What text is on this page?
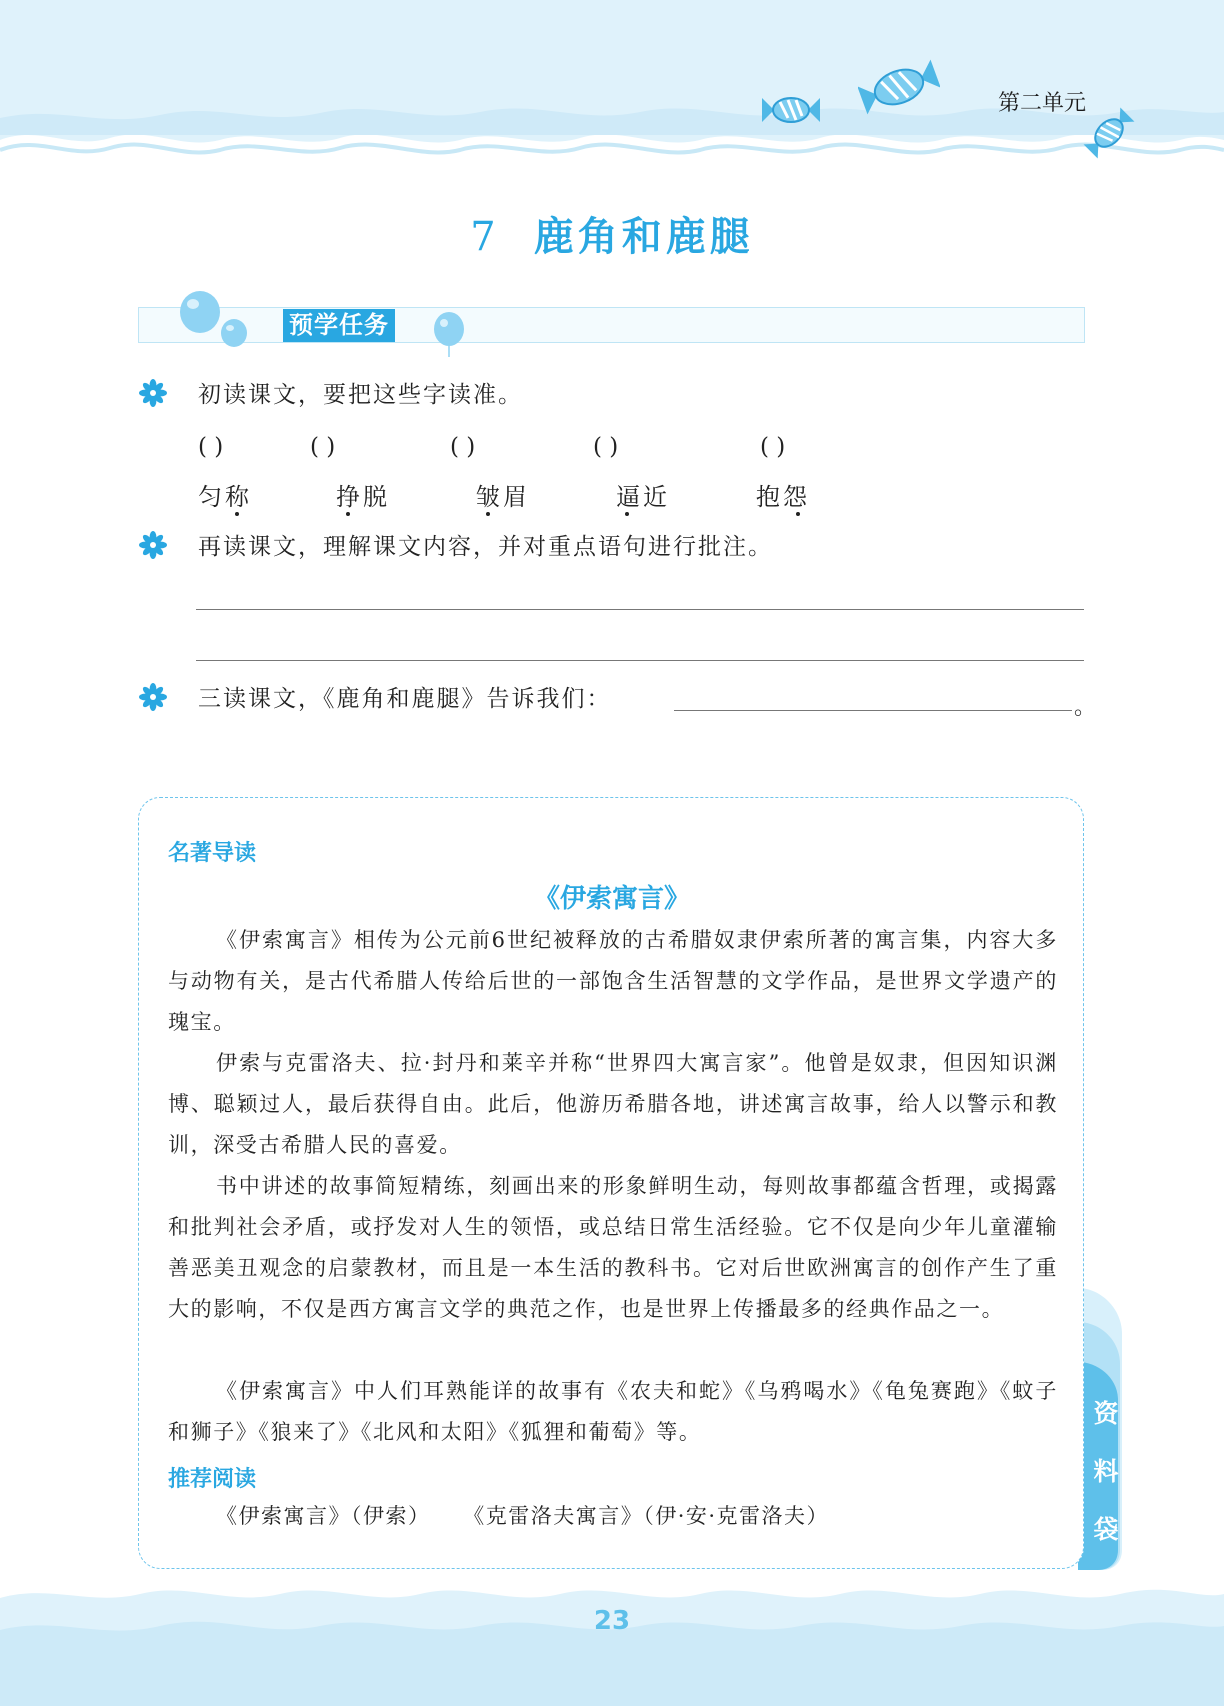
第二单元
7 鹿角和鹿腿
预学任务
初读课文，要把这些字读准。
( )	( )	( )	( )	( )
匀称	挣脱	皱眉	逼近	抱怨
再读课文，理解课文内容，并对重点语句进行批注。
三读课文，《鹿角和鹿腿》告诉我们：	。
资料袋
名著导读
《伊索寓言》

《伊索寓言》相传为公元前6世纪被释放的古希腊奴隶伊索所著的寓言集，内容大多与动物有关，是古代希腊人传给后世的一部饱含生活智慧的文学作品，是世界文学遗产的瑰宝。

伊索与克雷洛夫、拉·封丹和莱辛并称“世界四大寓言家”。他曾是奴隶，但因知识渊博、聪颖过人，最后获得自由。此后，他游历希腊各地，讲述寓言故事，给人以警示和教训，深受古希腊人民的喜爱。

书中讲述的故事简短精练，刻画出来的形象鲜明生动，每则故事都蕴含哲理，或揭露和批判社会矛盾，或抒发对人生的领悟，或总结日常生活经验。它不仅是向少年儿童灌输善恶美丑观念的启蒙教材，而且是一本生活的教科书。它对后世欧洲寓言的创作产生了重大的影响，不仅是西方寓言文学的典范之作，也是世界上传播最多的经典作品之一。

《伊索寓言》中人们耳熟能详的故事有《农夫和蛇》《乌鸦喝水》《龟兔赛跑》《蚊子和狮子》《狼来了》《北风和太阳》《狐狸和葡萄》等。

推荐阅读
《伊索寓言》（伊索）    《克雷洛夫寓言》（伊·安·克雷洛夫）
23
